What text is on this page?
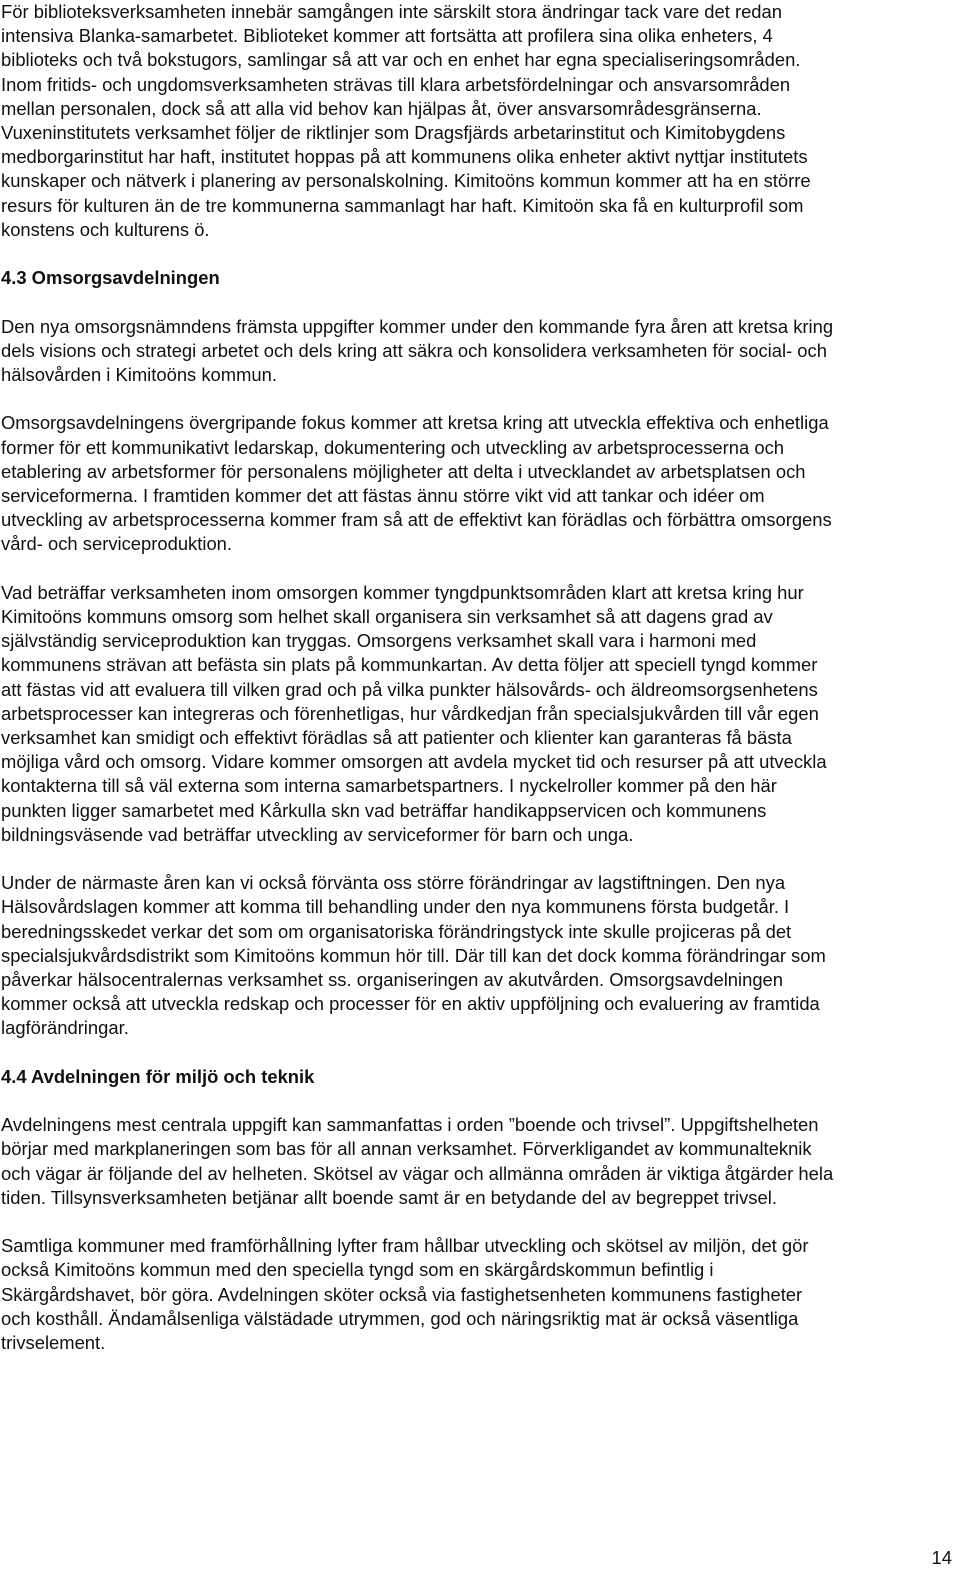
För biblioteksverksamheten innebär samgången inte särskilt stora ändringar tack vare det redan
intensiva Blanka-samarbetet. Biblioteket kommer att fortsätta att profilera sina olika enheters, 4
biblioteks och två bokstugors, samlingar så att var och en enhet har egna specialiseringsområden.
Inom fritids- och ungdomsverksamheten strävas till klara arbetsfördelningar och ansvarsområden
mellan personalen, dock så att alla vid behov kan hjälpas åt, över ansvarsområdesgränserna.
Vuxeninstitutets verksamhet följer de riktlinjer som Dragsfjärds arbetarinstitut och Kimitobygdens
medborgarinstitut har haft, institutet hoppas på att kommunens olika enheter aktivt nyttjar institutets
kunskaper och nätverk i planering av personalskolning. Kimitoöns kommun kommer att ha en större
resurs för kulturen än de tre kommunerna sammanlagt har haft. Kimitoön ska få en kulturprofil som
konstens och kulturens ö.

4.3 Omsorgsavdelningen

Den nya omsorgsnämndens främsta uppgifter kommer under den kommande fyra åren att kretsa kring
dels visions och strategi arbetet och dels kring att säkra och konsolidera verksamheten för social- och
hälsovården i Kimitoöns kommun.

Omsorgsavdelningens övergripande fokus kommer att kretsa kring att utveckla effektiva och enhetliga
former för ett kommunikativt ledarskap, dokumentering och utveckling av arbetsprocesserna och
etablering av arbetsformer för personalens möjligheter att delta i utvecklandet av arbetsplatsen och
serviceformerna. I framtiden kommer det att fästas ännu större vikt vid att tankar och idéer om
utveckling av arbetsprocesserna kommer fram så att de effektivt kan förädlas och förbättra omsorgens
vård- och serviceproduktion.

Vad beträffar verksamheten inom omsorgen kommer tyngdpunktsområden klart att kretsa kring hur
Kimitoöns kommuns omsorg som helhet skall organisera sin verksamhet så att dagens grad av
självständig serviceproduktion kan tryggas. Omsorgens verksamhet skall vara i harmoni med
kommunens strävan att befästa sin plats på kommunkartan. Av detta följer att speciell tyngd kommer
att fästas vid att evaluera till vilken grad och på vilka punkter hälsovårds- och äldreomsorgsenhetens
arbetsprocesser kan integreras och förenhetligas, hur vårdkedjan från specialsjukvården till vår egen
verksamhet kan smidigt och effektivt förädlas så att patienter och klienter kan garanteras få bästa
möjliga vård och omsorg. Vidare kommer omsorgen att avdela mycket tid och resurser på att utveckla
kontakterna till så väl externa som interna samarbetspartners. I nyckelroller kommer på den här
punkten ligger samarbetet med Kårkulla skn vad beträffar handikappservicen och kommunens
bildningsväsende vad beträffar utveckling av serviceformer för barn och unga.

Under de närmaste åren kan vi också förvänta oss större förändringar av lagstiftningen. Den nya
Hälsovårdslagen kommer att komma till behandling under den nya kommunens första budgetår. I
beredningsskedet verkar det som om organisatoriska förändringstyck inte skulle projiceras på det
specialsjukvårdsdistrikt som Kimitoöns kommun hör till. Där till kan det dock komma förändringar som
påverkar hälsocentralernas verksamhet ss. organiseringen av akutvården. Omsorgsavdelningen
kommer också att utveckla redskap och processer för en aktiv uppföljning och evaluering av framtida
lagförändringar.

4.4 Avdelningen för miljö och teknik

Avdelningens mest centrala uppgift kan sammanfattas i orden ”boende och trivsel”. Uppgiftshelheten
börjar med markplaneringen som bas för all annan verksamhet. Förverkligandet av kommunalteknik
och vägar är följande del av helheten. Skötsel av vägar och allmänna områden är viktiga åtgärder hela
tiden. Tillsynsverksamheten betjänar allt boende samt är en betydande del av begreppet trivsel.

Samtliga kommuner med framförhållning lyfter fram hållbar utveckling och skötsel av miljön, det gör
också Kimitoöns kommun med den speciella tyngd som en skärgårdskommun befintlig i
Skärgårdshavet, bör göra. Avdelningen sköter också via fastighetsenheten kommunens fastigheter
och kosthåll. Ändamålsenliga välstädade utrymmen, god och näringsriktig mat är också väsentliga
trivselement.

14
